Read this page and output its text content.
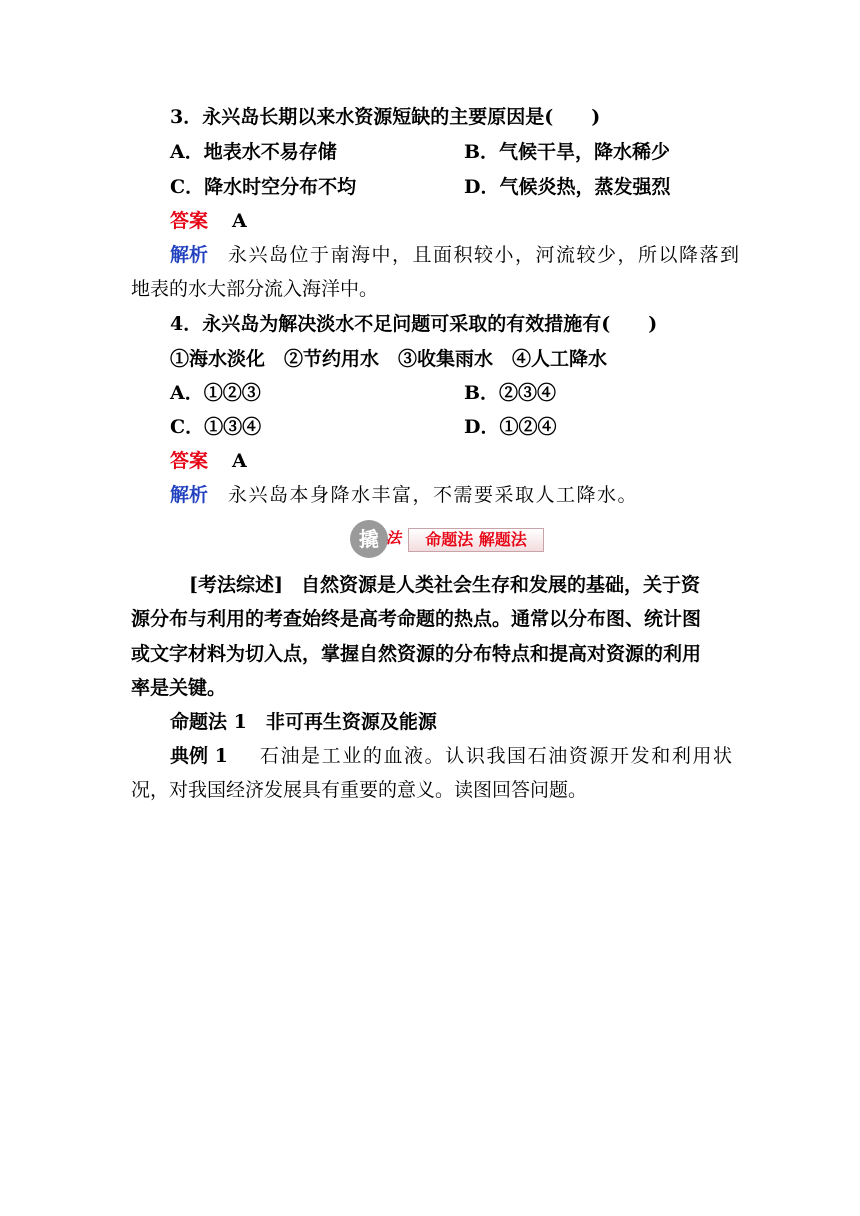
3．永兴岛长期以来水资源短缺的主要原因是(　　)
A．地表水不易存储	B．气候干旱，降水稀少
C．降水时空分布不均	D．气候炎热，蒸发强烈
答案 A
解析 永兴岛位于南海中，且面积较小，河流较少，所以降落到
地表的水大部分流入海洋中。
4．永兴岛为解决淡水不足问题可采取的有效措施有(　　)
①海水淡化　②节约用水　③收集雨水　④人工降水
A．①②③	B．②③④
C．①③④	D．①②④
答案 A
解析 永兴岛本身降水丰富，不需要采取人工降水。
撬 法	命题法 解题法
[考法综述] 自然资源是人类社会生存和发展的基础，关于资
源分布与利用的考查始终是高考命题的热点。通常以分布图、统计图
或文字材料为切入点，掌握自然资源的分布特点和提高对资源的利用
率是关键。
命题法 1　非可再生资源及能源
典例 1 石油是工业的血液。认识我国石油资源开发和利用状
况，对我国经济发展具有重要的意义。读图回答问题。
